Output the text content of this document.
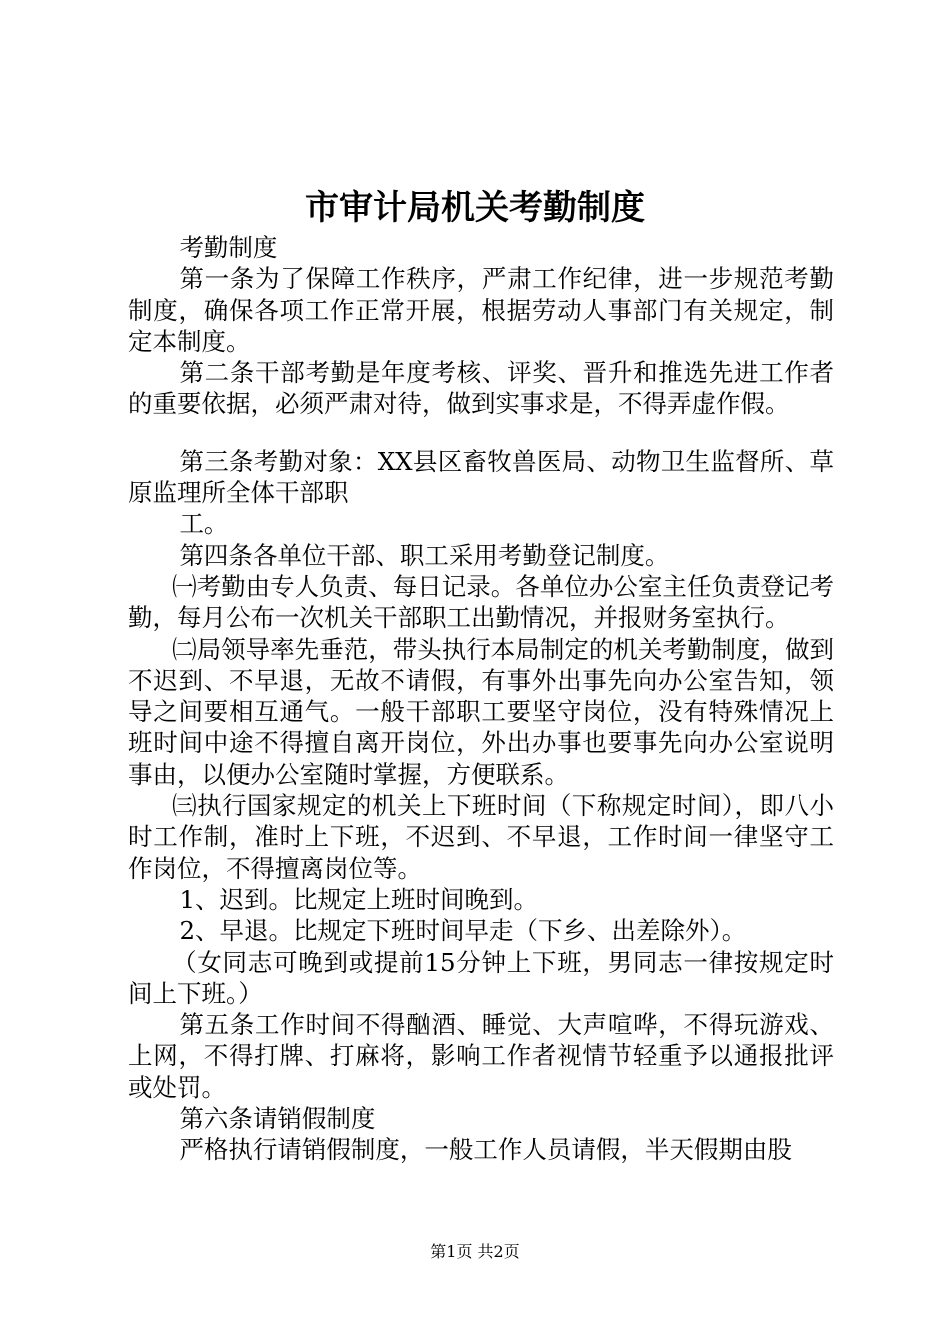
市审计局机关考勤制度

考勤制度

第一条为了保障工作秩序，严肃工作纪律，进一步规范考勤制度，确保各项工作正常开展，根据劳动人事部门有关规定，制定本制度。

第二条干部考勤是年度考核、评奖、晋升和推选先进工作者的重要依据，必须严肃对待，做到实事求是，不得弄虚作假。

第三条考勤对象：XX县区畜牧兽医局、动物卫生监督所、草原监理所全体干部职

工。

第四条各单位干部、职工采用考勤登记制度。

㈠考勤由专人负责、每日记录。各单位办公室主任负责登记考勤，每月公布一次机关干部职工出勤情况，并报财务室执行。

㈡局领导率先垂范，带头执行本局制定的机关考勤制度，做到不迟到、不早退，无故不请假，有事外出事先向办公室告知，领导之间要相互通气。一般干部职工要坚守岗位，没有特殊情况上班时间中途不得擅自离开岗位，外出办事也要事先向办公室说明事由，以便办公室随时掌握，方便联系。

㈢执行国家规定的机关上下班时间（下称规定时间），即八小时工作制，准时上下班，不迟到、不早退，工作时间一律坚守工作岗位，不得擅离岗位等。

1、迟到。比规定上班时间晚到。

2、早退。比规定下班时间早走（下乡、出差除外）。

（女同志可晚到或提前15分钟上下班，男同志一律按规定时间上下班。）

第五条工作时间不得酗酒、睡觉、大声喧哗，不得玩游戏、上网，不得打牌、打麻将，影响工作者视情节轻重予以通报批评或处罚。

第六条请销假制度

严格执行请销假制度，一般工作人员请假，半天假期由股

第1页 共2页
